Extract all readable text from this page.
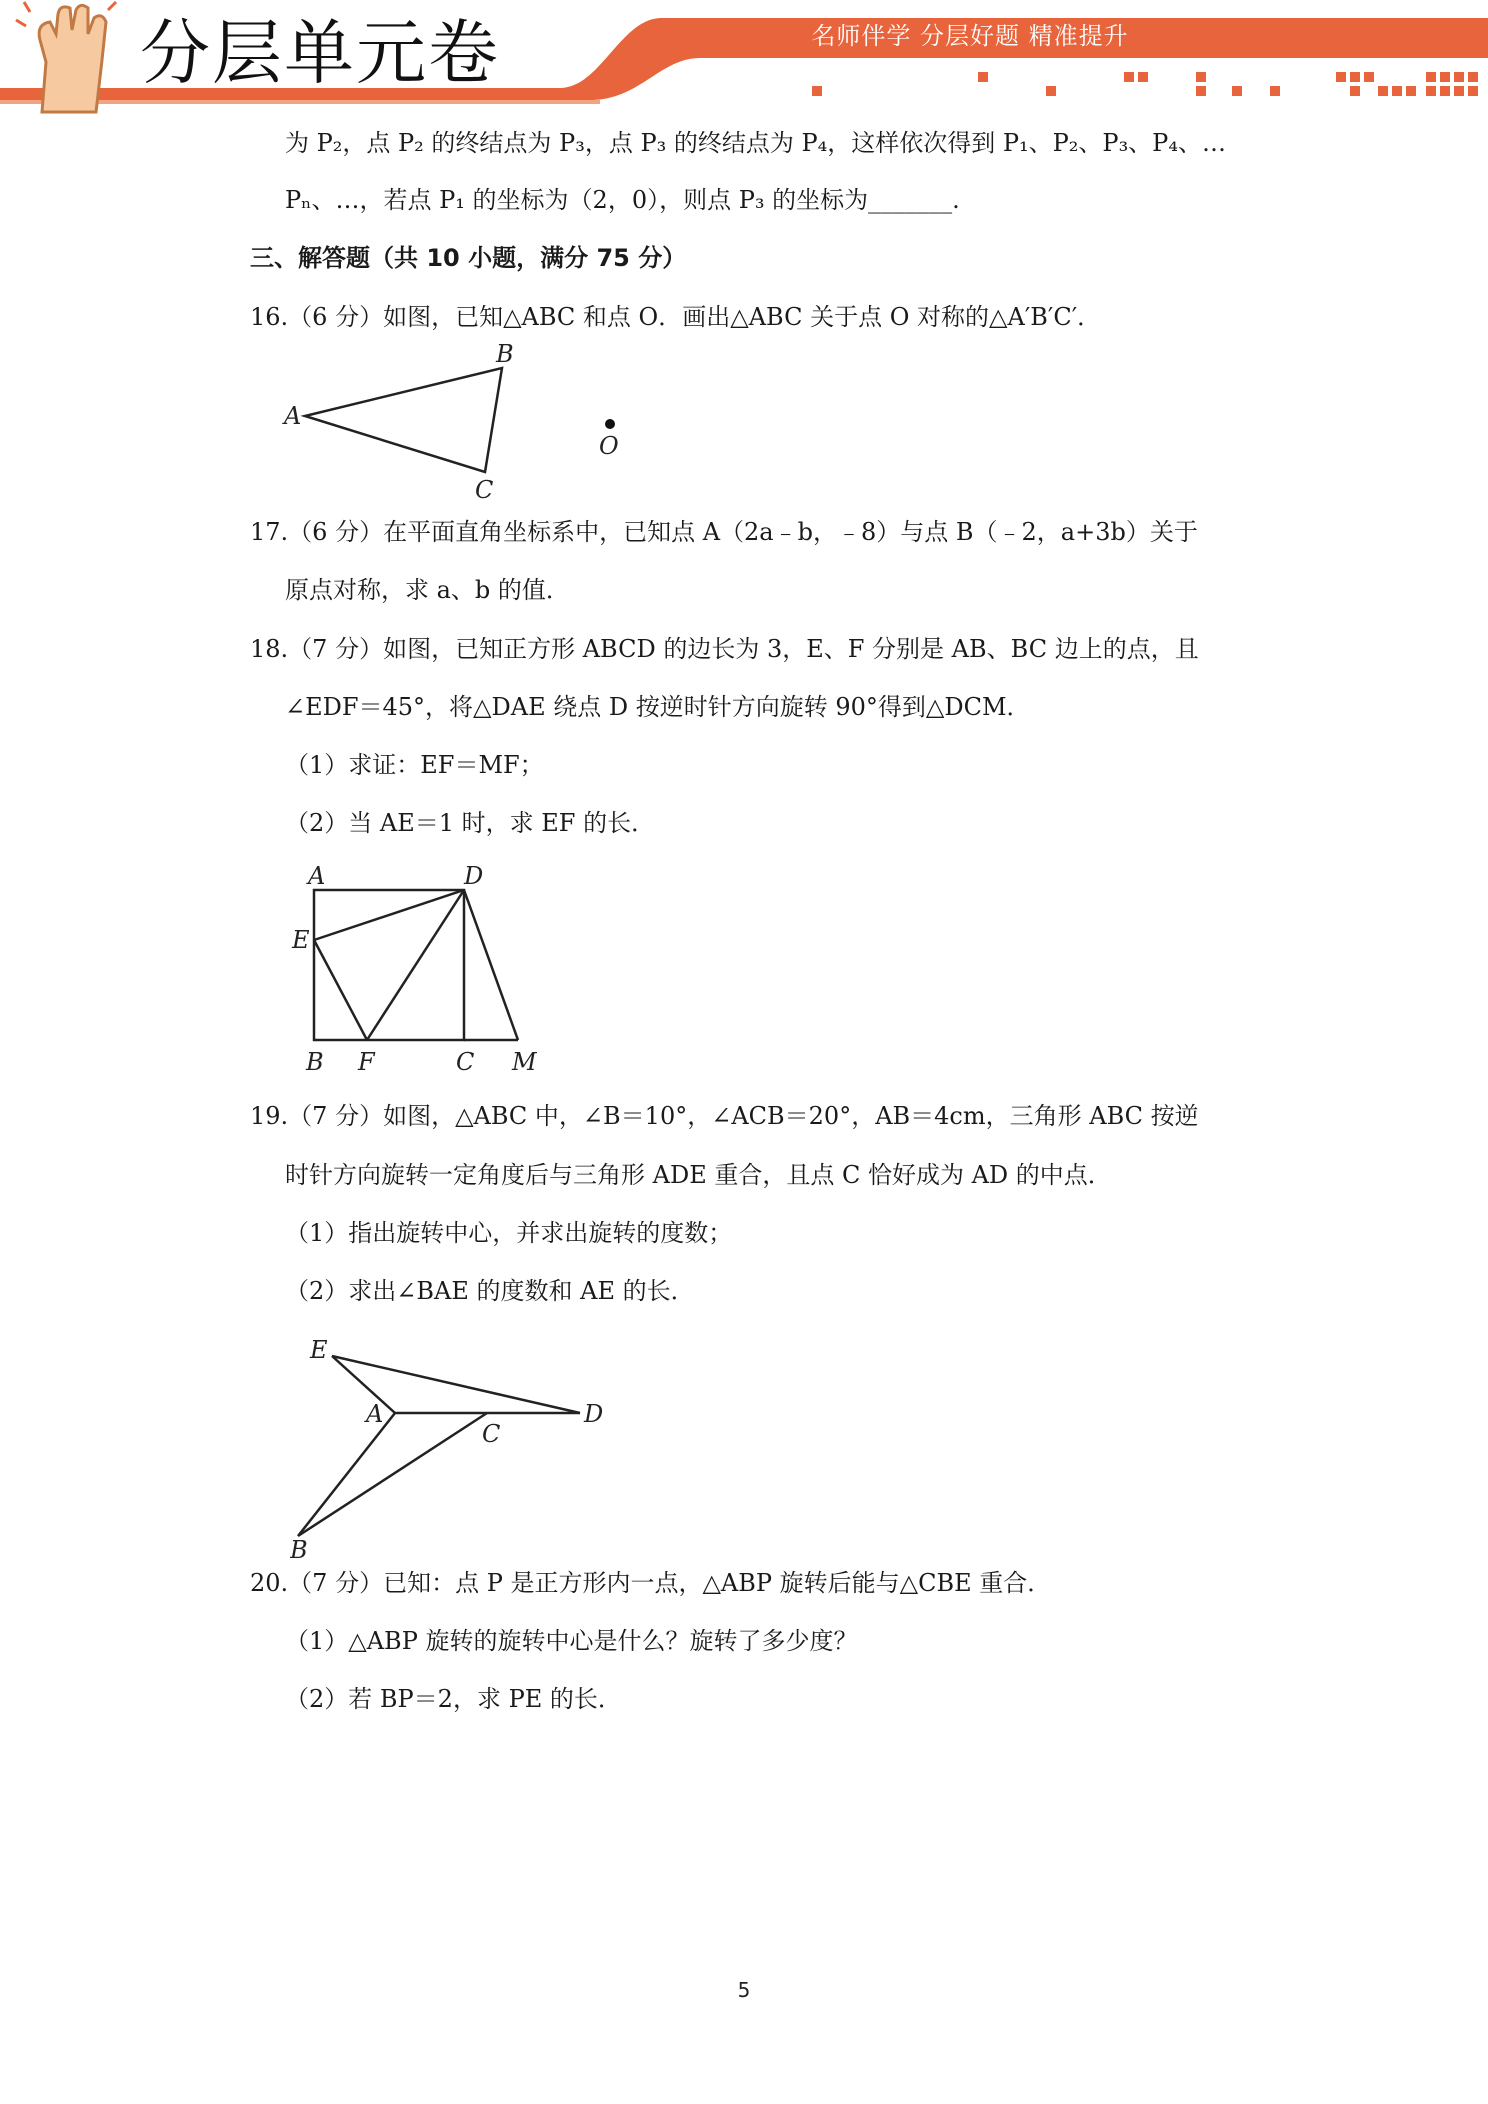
分层单元卷	名师伴学 分层好题 精准提升
为 P₂，点 P₂ 的终结点为 P₃，点 P₃ 的终结点为 P₄，这样依次得到 P₁、P₂、P₃、P₄、…
Pₙ、…，若点 P₁ 的坐标为（2，0），则点 P₃ 的坐标为_______.
三、解答题（共 10 小题，满分 75 分）
16.（6 分）如图，已知△ABC 和点 O．画出△ABC 关于点 O 对称的△A′B′C′．
A
B
C
O
17.（6 分）在平面直角坐标系中，已知点 A（2a﹣b，﹣8）与点 B（﹣2，a+3b）关于
原点对称，求 a、b 的值．
18.（7 分）如图，已知正方形 ABCD 的边长为 3，E、F 分别是 AB、BC 边上的点，且
∠EDF＝45°，将△DAE 绕点 D 按逆时针方向旋转 90°得到△DCM．
（1）求证：EF＝MF；
（2）当 AE＝1 时，求 EF 的长．
A	D
E
B F	C M
19.（7 分）如图，△ABC 中，∠B＝10°，∠ACB＝20°，AB＝4cm，三角形 ABC 按逆
时针方向旋转一定角度后与三角形 ADE 重合，且点 C 恰好成为 AD 的中点．
（1）指出旋转中心，并求出旋转的度数；
（2）求出∠BAE 的度数和 AE 的长．
E
A
C
D
B
20.（7 分）已知：点 P 是正方形内一点，△ABP 旋转后能与△CBE 重合．
（1）△ABP 旋转的旋转中心是什么？旋转了多少度？
（2）若 BP＝2，求 PE 的长．
5
